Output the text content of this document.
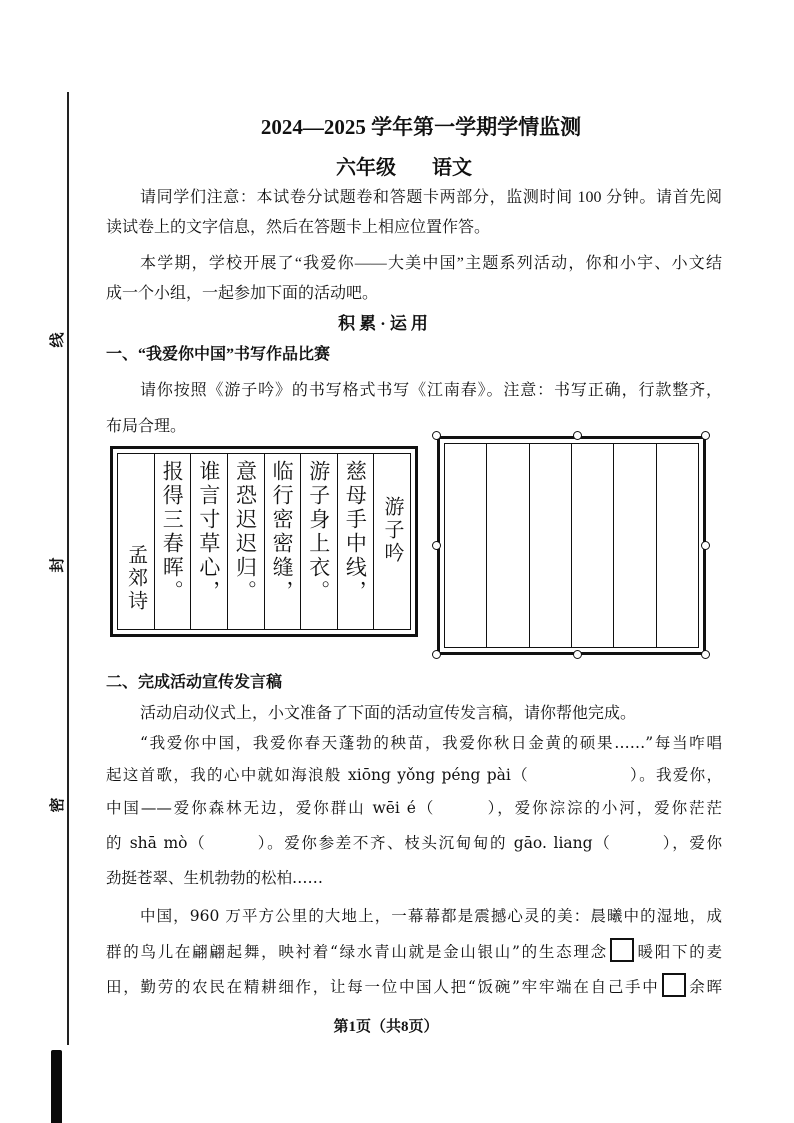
线
封
密
2024—2025 学年第一学期学情监测
六年级 语文
请同学们注意：本试卷分试题卷和答题卡两部分，监测时间 100 分钟。请首先阅
读试卷上的文字信息，然后在答题卡上相应位置作答。
本学期，学校开展了“我爱你——大美中国”主题系列活动，你和小宇、小文结
成一个小组，一起参加下面的活动吧。
积累·运用
一、“我爱你中国”书写作品比赛
请你按照《游子吟》的书写格式书写《江南春》。注意：书写正确，行款整齐，
布局合理。
游子吟
慈母手中线，
游子身上衣。
临行密密缝，
意恐迟迟归。
谁言寸草心，
报得三春晖。
孟郊诗
二、完成活动宣传发言稿
活动启动仪式上，小文准备了下面的活动宣传发言稿，请你帮他完成。
“我爱你中国，我爱你春天蓬勃的秧苗，我爱你秋日金黄的硕果……”每当咋唱
起这首歌，我的心中就如海浪般 xiōng yǒng péng pài（　　　　　　）。我爱你，
中国——爱你森林无边，爱你群山 wēi é（　　　），爱你淙淙的小河，爱你茫茫
的 shā mò（　　　）。爱你参差不齐、枝头沉甸甸的 gāo. liang（　　　），爱你
劲挺苍翠、生机勃勃的松柏……
中国，960 万平方公里的大地上，一幕幕都是震撼心灵的美：晨曦中的湿地，成
群的鸟儿在翩翩起舞，映衬着“绿水青山就是金山银山”的生态理念 暖阳下的麦
田，勤劳的农民在精耕细作，让每一位中国人把“饭碗”牢牢端在自己手中 余晖
第1页（共8页）
